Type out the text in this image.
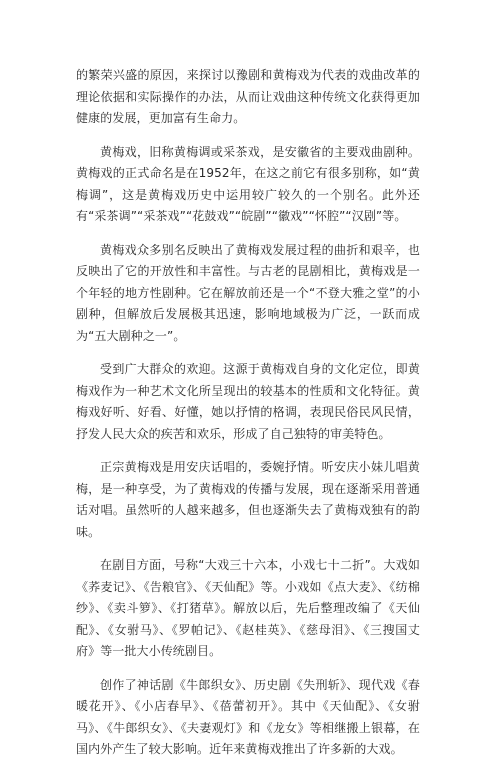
的繁荣兴盛的原因，来探讨以豫剧和黄梅戏为代表的戏曲改革的理论依据和实际操作的办法，从而让戏曲这种传统文化获得更加健康的发展，更加富有生命力。

黄梅戏，旧称黄梅调或采茶戏，是安徽省的主要戏曲剧种。黄梅戏的正式命名是在1952年，在这之前它有很多别称，如“黄梅调”，这是黄梅戏历史中运用较广较久的一个别名。此外还有“采茶调”“采茶戏”“花鼓戏”“皖剧”“徽戏”“怀腔”“汉剧”等。

黄梅戏众多别名反映出了黄梅戏发展过程的曲折和艰辛，也反映出了它的开放性和丰富性。与古老的昆剧相比，黄梅戏是一个年轻的地方性剧种。它在解放前还是一个“不登大雅之堂”的小剧种，但解放后发展极其迅速，影响地域极为广泛，一跃而成为“五大剧种之一”。

受到广大群众的欢迎。这源于黄梅戏自身的文化定位，即黄梅戏作为一种艺术文化所呈现出的较基本的性质和文化特征。黄梅戏好听、好看、好懂，她以抒情的格调，表现民俗民风民情，抒发人民大众的疾苦和欢乐，形成了自己独特的审美特色。

正宗黄梅戏是用安庆话唱的，委婉抒情。听安庆小妹儿唱黄梅，是一种享受，为了黄梅戏的传播与发展，现在逐渐采用普通话对唱。虽然听的人越来越多，但也逐渐失去了黄梅戏独有的韵味。

在剧目方面，号称“大戏三十六本，小戏七十二折”。大戏如《荞麦记》、《告粮官》、《天仙配》等。小戏如《点大麦》、《纺棉纱》、《卖斗箩》、《打猪草》。解放以后，先后整理改编了《天仙配》、《女驸马》、《罗帕记》、《赵桂英》、《慈母泪》、《三搜国丈府》等一批大小传统剧目。

创作了神话剧《牛郎织女》、历史剧《失刑斩》、现代戏《春暖花开》、《小店春早》、《蓓蕾初开》。其中《天仙配》、《女驸马》、《牛郎织女》、《夫妻观灯》和《龙女》等相继搬上银幕，在国内外产生了较大影响。近年来黄梅戏推出了许多新的大戏。
